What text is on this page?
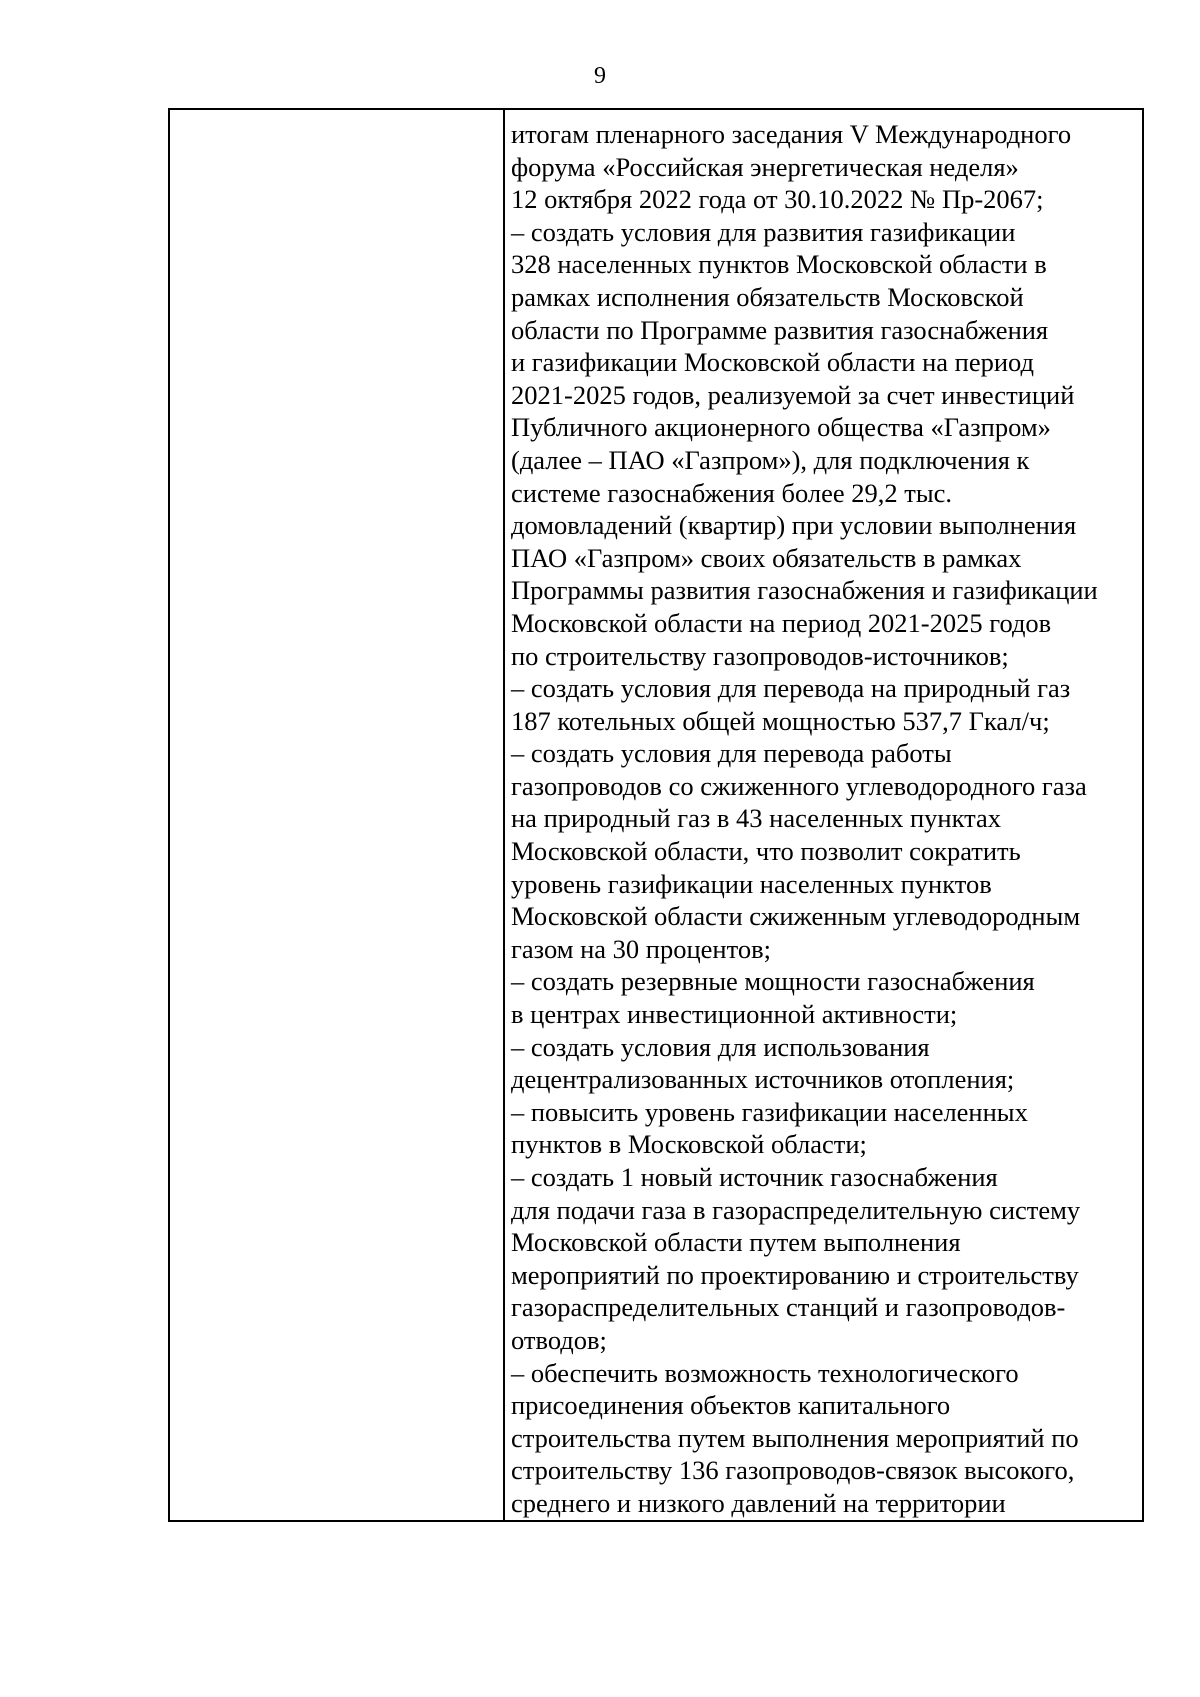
9
итогам пленарного заседания V Международного
форума «Российская энергетическая неделя»
12 октября 2022 года от 30.10.2022 № Пр-2067;
– создать условия для развития газификации
328 населенных пунктов Московской области в
рамках исполнения обязательств Московской
области по Программе развития газоснабжения
и газификации Московской области на период
2021-2025 годов, реализуемой за счет инвестиций
Публичного акционерного общества «Газпром»
(далее – ПАО «Газпром»), для подключения к
системе газоснабжения более 29,2 тыс.
домовладений (квартир) при условии выполнения
ПАО «Газпром» своих обязательств в рамках
Программы развития газоснабжения и газификации
Московской области на период 2021-2025 годов
по строительству газопроводов-источников;
– создать условия для перевода на природный газ
187 котельных общей мощностью 537,7 Гкал/ч;
– создать условия для перевода работы
газопроводов со сжиженного углеводородного газа
на природный газ в 43 населенных пунктах
Московской области, что позволит сократить
уровень газификации населенных пунктов
Московской области сжиженным углеводородным
газом на 30 процентов;
– создать резервные мощности газоснабжения
в центрах инвестиционной активности;
– создать условия для использования
децентрализованных источников отопления;
– повысить уровень газификации населенных
пунктов в Московской области;
– создать 1 новый источник газоснабжения
для подачи газа в газораспределительную систему
Московской области путем выполнения
мероприятий по проектированию и строительству
газораспределительных станций и газопроводов-
отводов;
– обеспечить возможность технологического
присоединения объектов капитального
строительства путем выполнения мероприятий по
строительству 136 газопроводов-связок высокого,
среднего и низкого давлений на территории
